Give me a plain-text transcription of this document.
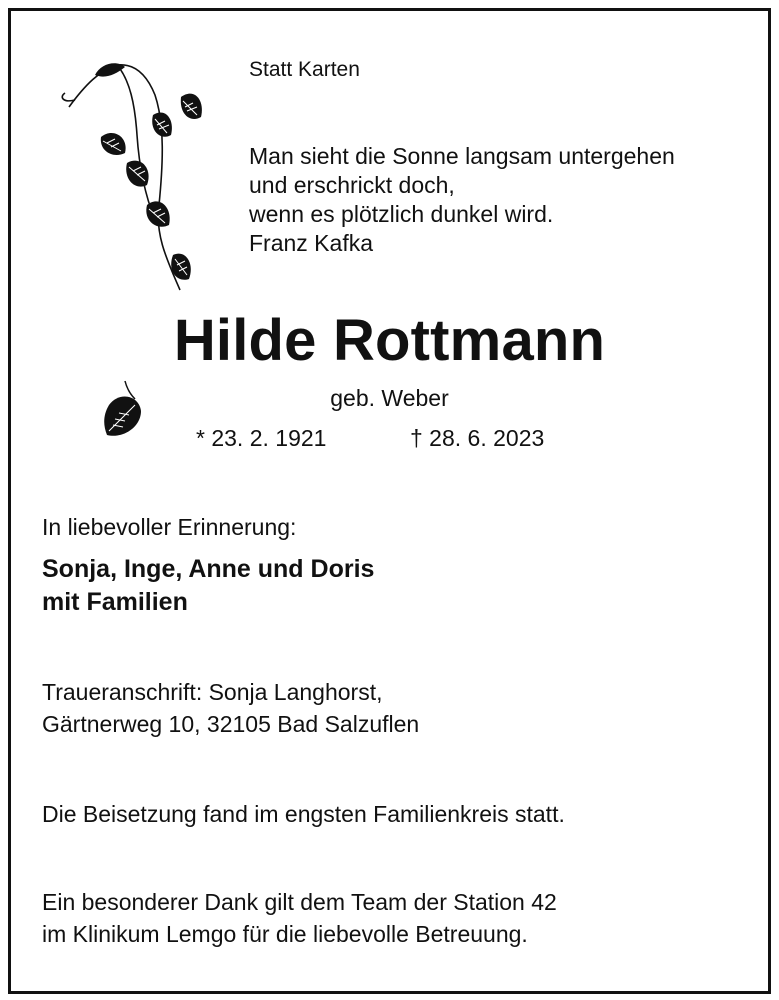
Statt Karten
Man sieht die Sonne langsam untergehen
und erschrickt doch,
wenn es plötzlich dunkel wird.
Franz Kafka
Hilde Rottmann
geb. Weber
* 23. 2. 1921	† 28. 6. 2023
In liebevoller Erinnerung:
Sonja, Inge, Anne und Doris
mit Familien
Traueranschrift: Sonja Langhorst,
Gärtnerweg 10, 32105 Bad Salzuflen
Die Beisetzung fand im engsten Familienkreis statt.
Ein besonderer Dank gilt dem Team der Station 42
im Klinikum Lemgo für die liebevolle Betreuung.
